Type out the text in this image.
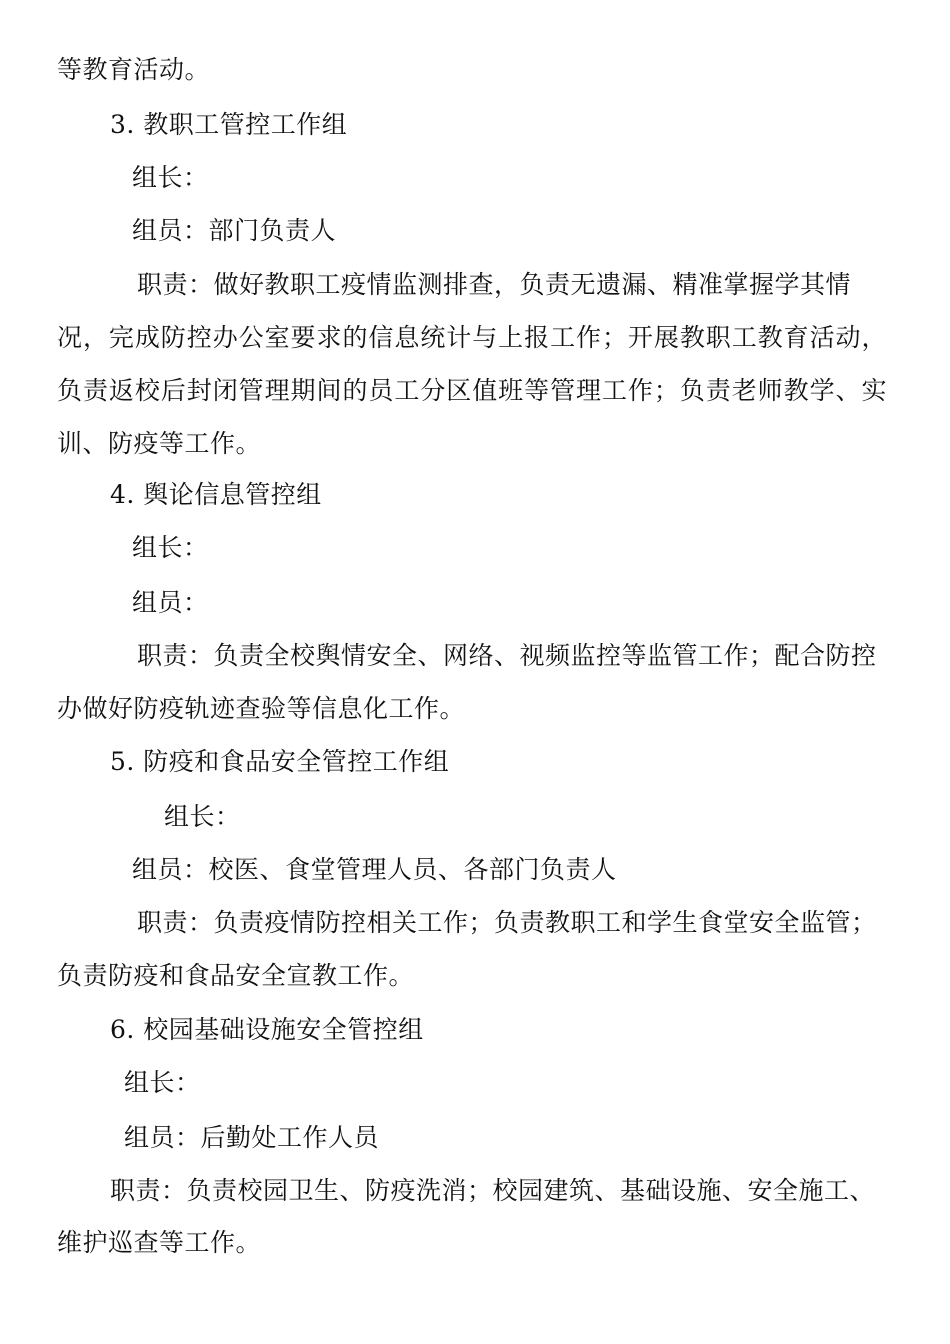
等教育活动。
3. 教职工管控工作组
组长：
组员：部门负责人
职责：做好教职工疫情监测排查，负责无遗漏、精准掌握学其情
况，完成防控办公室要求的信息统计与上报工作；开展教职工教育活动，
负责返校后封闭管理期间的员工分区值班等管理工作；负责老师教学、实
训、防疫等工作。
4. 舆论信息管控组
组长：
组员：
职责：负责全校舆情安全、网络、视频监控等监管工作；配合防控
办做好防疫轨迹查验等信息化工作。
5. 防疫和食品安全管控工作组
组长：
组员：校医、食堂管理人员、各部门负责人
职责：负责疫情防控相关工作；负责教职工和学生食堂安全监管；
负责防疫和食品安全宣教工作。
6. 校园基础设施安全管控组
组长：
组员：后勤处工作人员
职责：负责校园卫生、防疫洗消；校园建筑、基础设施、安全施工、
维护巡查等工作。
